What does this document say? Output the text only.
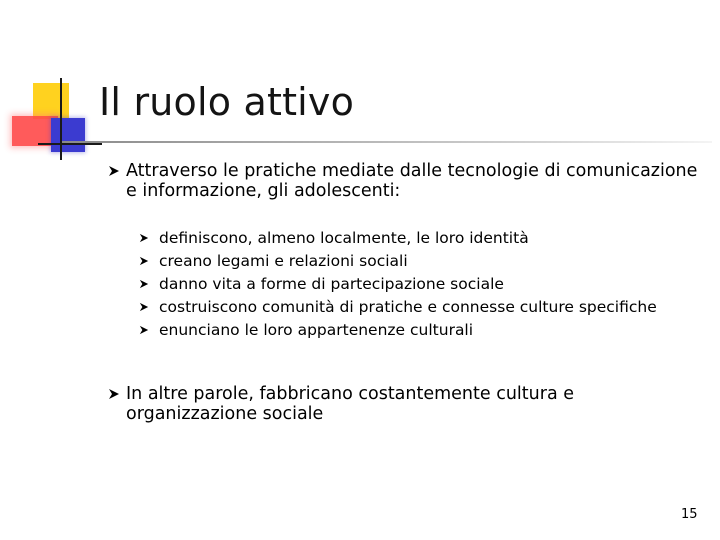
Il ruolo attivo
Attraverso le pratiche mediate dalle tecnologie di comunicazione e informazione, gli adolescenti:
definiscono, almeno localmente, le loro identità
creano legami e relazioni sociali
danno vita a forme di partecipazione sociale
costruiscono comunità di pratiche e connesse culture specifiche
enunciano le loro appartenenze culturali
In altre parole, fabbricano costantemente cultura e organizzazione sociale
15
